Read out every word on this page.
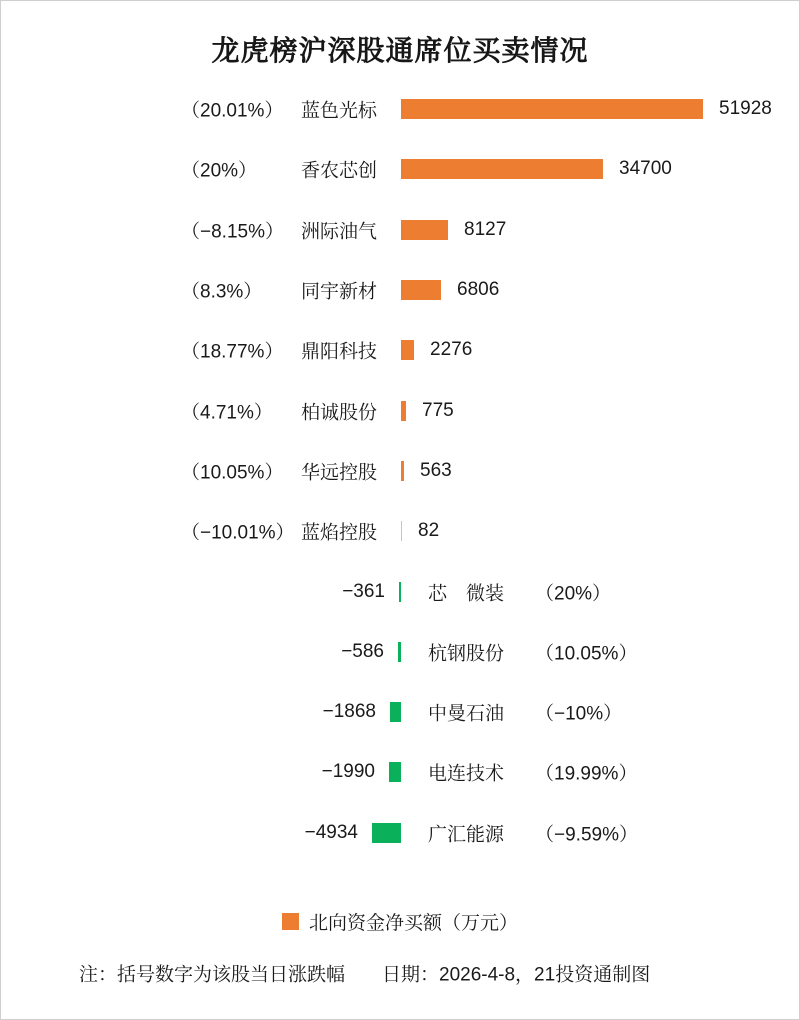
龙虎榜沪深股通席位买卖情况
（20.01%） 蓝色光标	51928
（20%） 香农芯创	34700
（−8.15%） 洲际油气	8127
（8.3%） 同宇新材	6806
（18.77%） 鼎阳科技	2276
（4.71%） 柏诚股份 775
（10.05%） 华远控股 563
（−10.01%） 蓝焰控股 82
−361 芯　微装 （20%）
−586 杭钢股份 （10.05%）
−1868	中曼石油 （−10%）
−1990	电连技术 （19.99%）
−4934	广汇能源 （−9.59%）
北向资金净买额（万元）
注：括号数字为该股当日涨跌幅 日期：2026-4-8，21投资通制图
